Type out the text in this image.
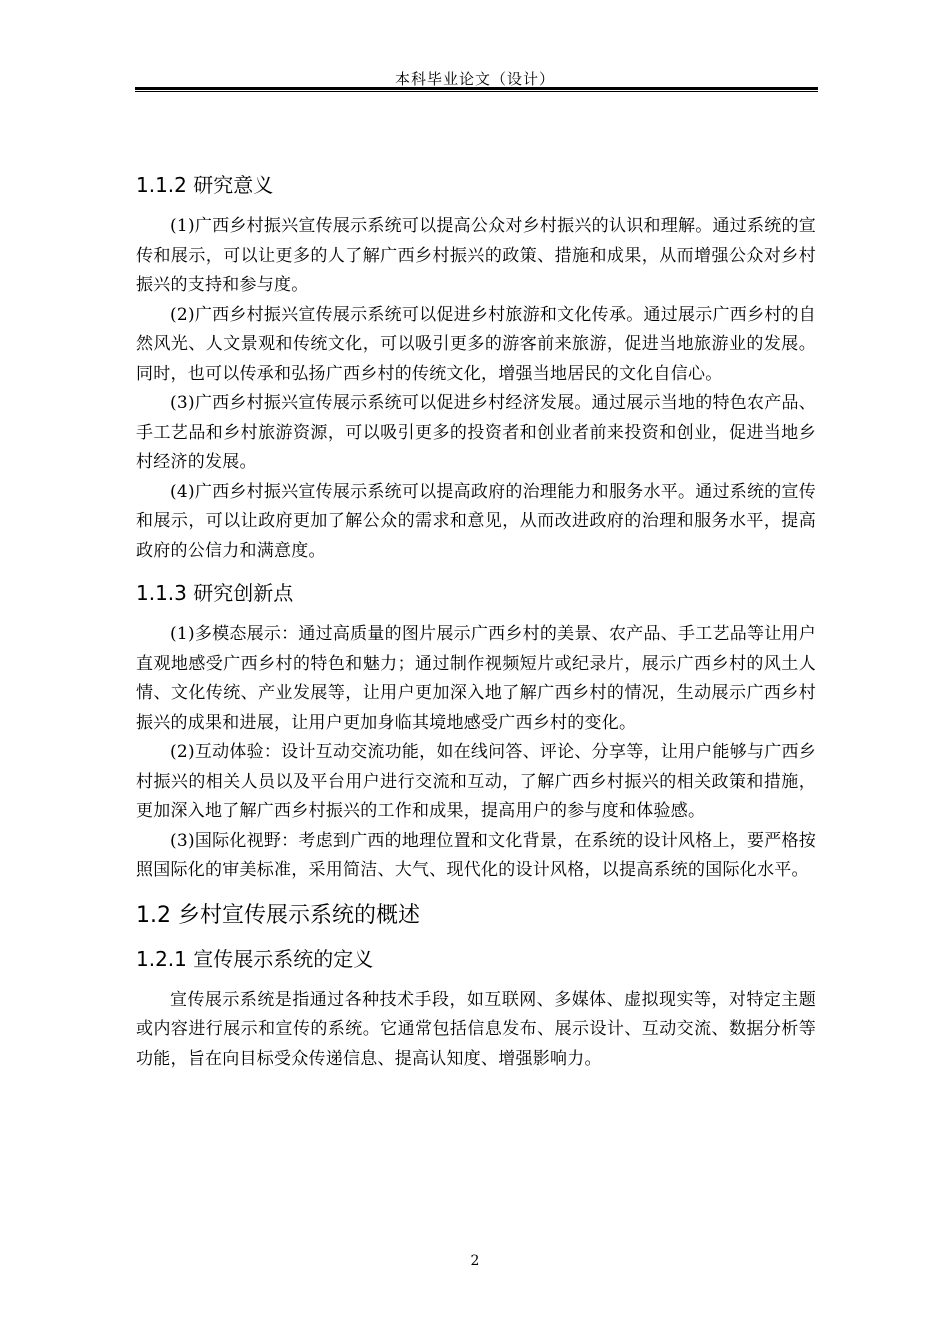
本科毕业论文（设计）
1.1.2 研究意义

(1)广西乡村振兴宣传展示系统可以提高公众对乡村振兴的认识和理解。通过系统的宣传和展示，可以让更多的人了解广西乡村振兴的政策、措施和成果，从而增强公众对乡村振兴的支持和参与度。

(2)广西乡村振兴宣传展示系统可以促进乡村旅游和文化传承。通过展示广西乡村的自然风光、人文景观和传统文化，可以吸引更多的游客前来旅游，促进当地旅游业的发展。同时，也可以传承和弘扬广西乡村的传统文化，增强当地居民的文化自信心。

(3)广西乡村振兴宣传展示系统可以促进乡村经济发展。通过展示当地的特色农产品、手工艺品和乡村旅游资源，可以吸引更多的投资者和创业者前来投资和创业，促进当地乡村经济的发展。

(4)广西乡村振兴宣传展示系统可以提高政府的治理能力和服务水平。通过系统的宣传和展示，可以让政府更加了解公众的需求和意见，从而改进政府的治理和服务水平，提高政府的公信力和满意度。

1.1.3 研究创新点

(1)多模态展示：通过高质量的图片展示广西乡村的美景、农产品、手工艺品等让用户直观地感受广西乡村的特色和魅力；通过制作视频短片或纪录片，展示广西乡村的风土人情、文化传统、产业发展等，让用户更加深入地了解广西乡村的情况，生动展示广西乡村振兴的成果和进展，让用户更加身临其境地感受广西乡村的变化。

(2)互动体验：设计互动交流功能，如在线问答、评论、分享等，让用户能够与广西乡村振兴的相关人员以及平台用户进行交流和互动，了解广西乡村振兴的相关政策和措施，更加深入地了解广西乡村振兴的工作和成果，提高用户的参与度和体验感。

(3)国际化视野：考虑到广西的地理位置和文化背景，在系统的设计风格上，要严格按照国际化的审美标准，采用简洁、大气、现代化的设计风格，以提高系统的国际化水平。

1.2 乡村宣传展示系统的概述
1.2.1 宣传展示系统的定义

宣传展示系统是指通过各种技术手段，如互联网、多媒体、虚拟现实等，对特定主题或内容进行展示和宣传的系统。它通常包括信息发布、展示设计、互动交流、数据分析等功能，旨在向目标受众传递信息、提高认知度、增强影响力。

2
